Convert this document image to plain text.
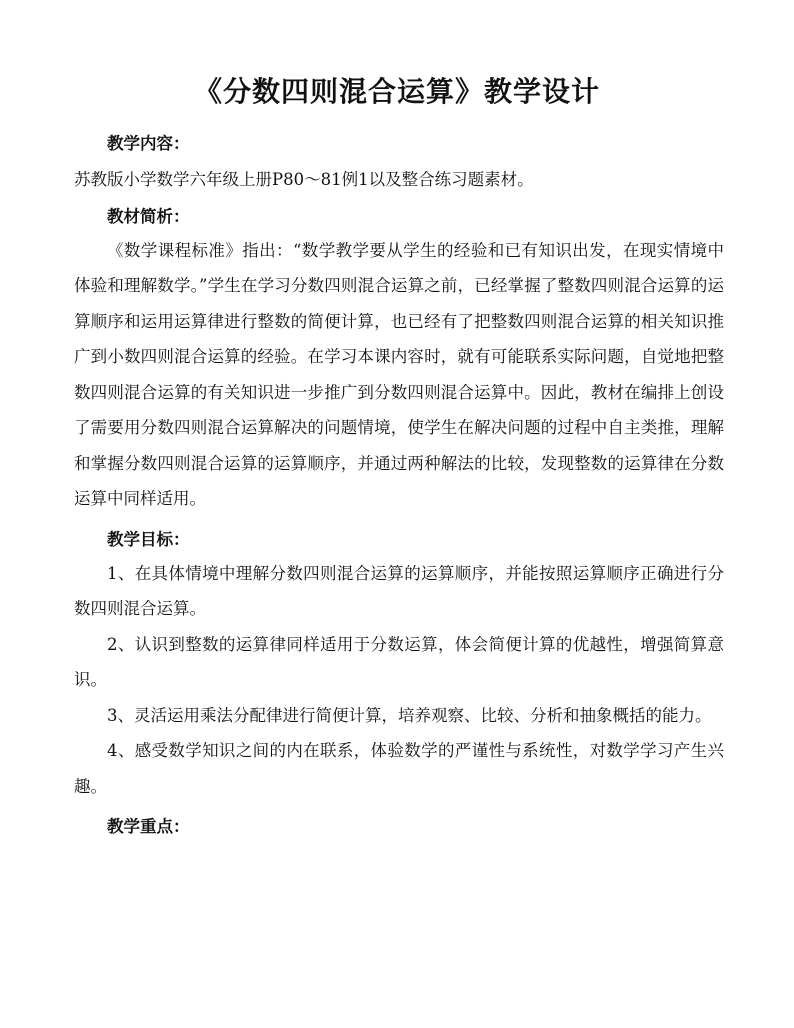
《分数四则混合运算》教学设计

教学内容：

苏教版小学数学六年级上册P80～81例1以及整合练习题素材。

教材简析：

《数学课程标准》指出：“数学教学要从学生的经验和已有知识出发，在现实情境中体验和理解数学。”学生在学习分数四则混合运算之前，已经掌握了整数四则混合运算的运算顺序和运用运算律进行整数的简便计算，也已经有了把整数四则混合运算的相关知识推广到小数四则混合运算的经验。在学习本课内容时，就有可能联系实际问题，自觉地把整数四则混合运算的有关知识进一步推广到分数四则混合运算中。因此，教材在编排上创设了需要用分数四则混合运算解决的问题情境，使学生在解决问题的过程中自主类推，理解和掌握分数四则混合运算的运算顺序，并通过两种解法的比较，发现整数的运算律在分数运算中同样适用。

教学目标：

1、在具体情境中理解分数四则混合运算的运算顺序，并能按照运算顺序正确进行分数四则混合运算。

2、认识到整数的运算律同样适用于分数运算，体会简便计算的优越性，增强简算意识。

3、灵活运用乘法分配律进行简便计算，培养观察、比较、分析和抽象概括的能力。

4、感受数学知识之间的内在联系，体验数学的严谨性与系统性，对数学学习产生兴趣。

教学重点：
